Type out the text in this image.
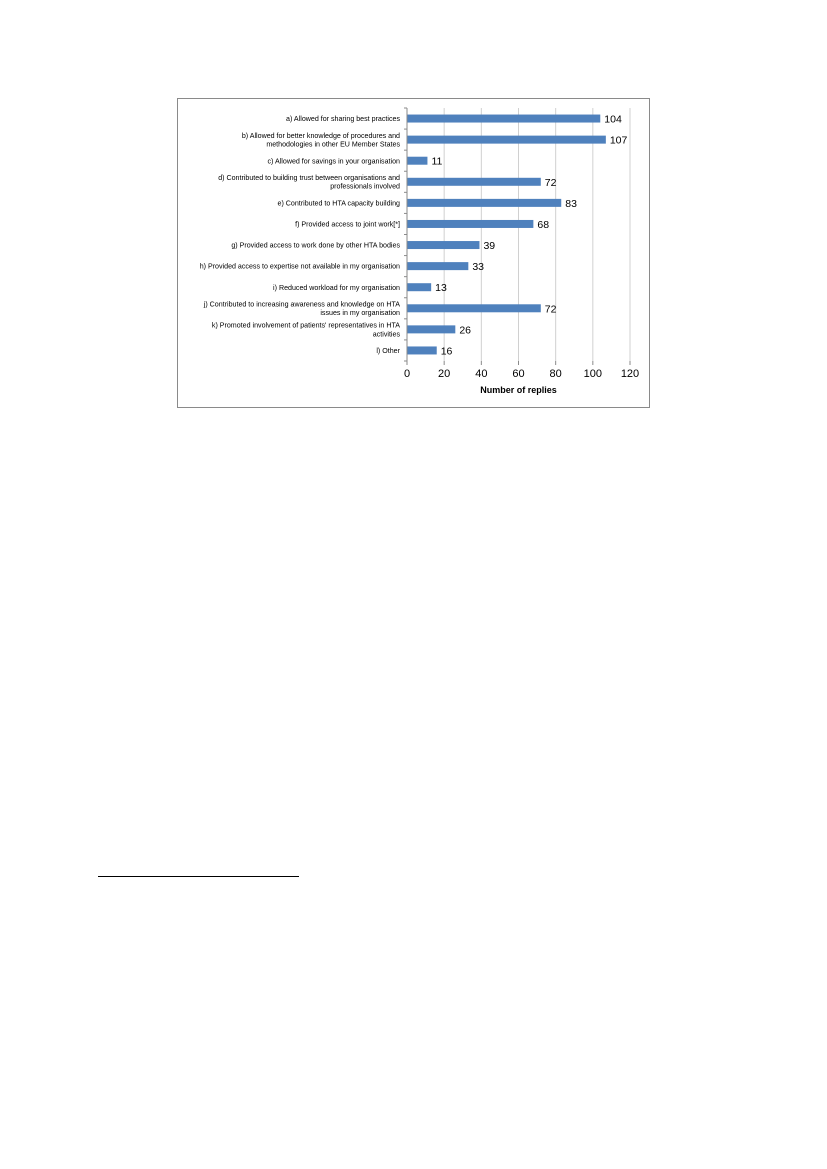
104
107
11
72
83
68
39
33
13
72
26
16
a) Allowed for sharing best practices
b) Allowed for better knowledge of procedures and methodologies in other EU Member States
c) Allowed for savings in your organisation
d) Contributed to building trust between organisations and professionals involved
e) Contributed to HTA capacity building
f) Provided access to joint work[*]
g) Provided access to work done by other HTA bodies
h) Provided access to expertise not available in my organisation
i) Reduced workload for my organisation
j) Contributed to increasing awareness and knowledge on HTA issues in my organisation
k) Promoted involvement of patients' representatives in HTA activities
l) Other
0	20 40 60 80 100 120
Number of replies
